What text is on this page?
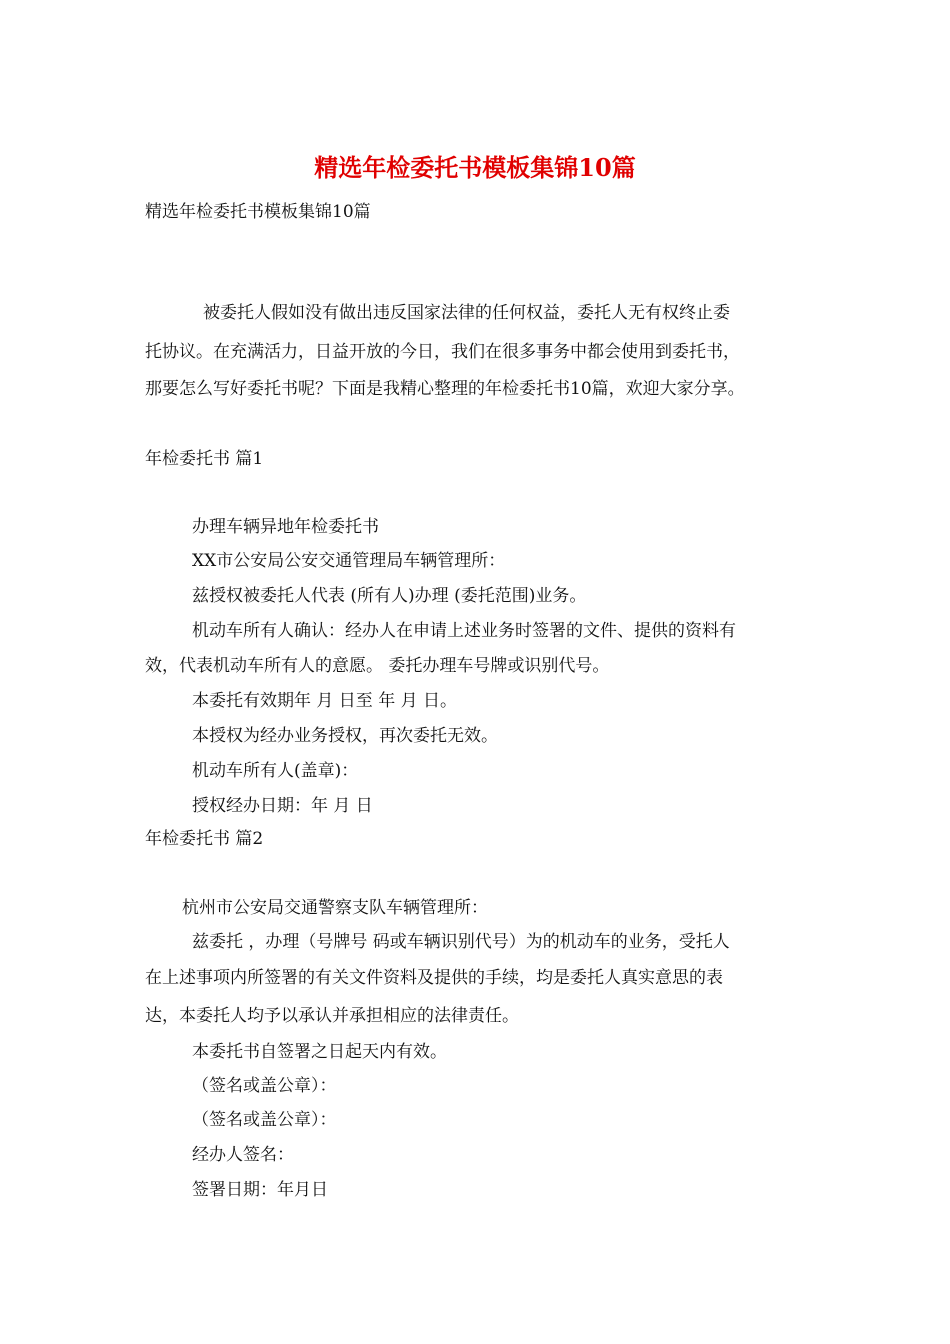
精选年检委托书模板集锦10篇
精选年检委托书模板集锦10篇
被委托人假如没有做出违反国家法律的任何权益，委托人无有权终止委
托协议。在充满活力，日益开放的今日，我们在很多事务中都会使用到委托书，
那要怎么写好委托书呢？下面是我精心整理的年检委托书10篇，欢迎大家分享。
年检委托书 篇1
办理车辆异地年检委托书
XX市公安局公安交通管理局车辆管理所：
兹授权被委托人代表 (所有人)办理 (委托范围)业务。
机动车所有人确认：经办人在申请上述业务时签署的文件、提供的资料有
效，代表机动车所有人的意愿。 委托办理车号牌或识别代号。
本委托有效期年 月 日至 年 月 日。
本授权为经办业务授权，再次委托无效。
机动车所有人(盖章)：
授权经办日期：年 月 日
年检委托书 篇2
杭州市公安局交通警察支队车辆管理所：
兹委托 ，办理（号牌号 码或车辆识别代号）为的机动车的业务，受托人
在上述事项内所签署的有关文件资料及提供的手续，均是委托人真实意思的表
达，本委托人均予以承认并承担相应的法律责任。
本委托书自签署之日起天内有效。
（签名或盖公章）：
（签名或盖公章）：
经办人签名：
签署日期：年月日
